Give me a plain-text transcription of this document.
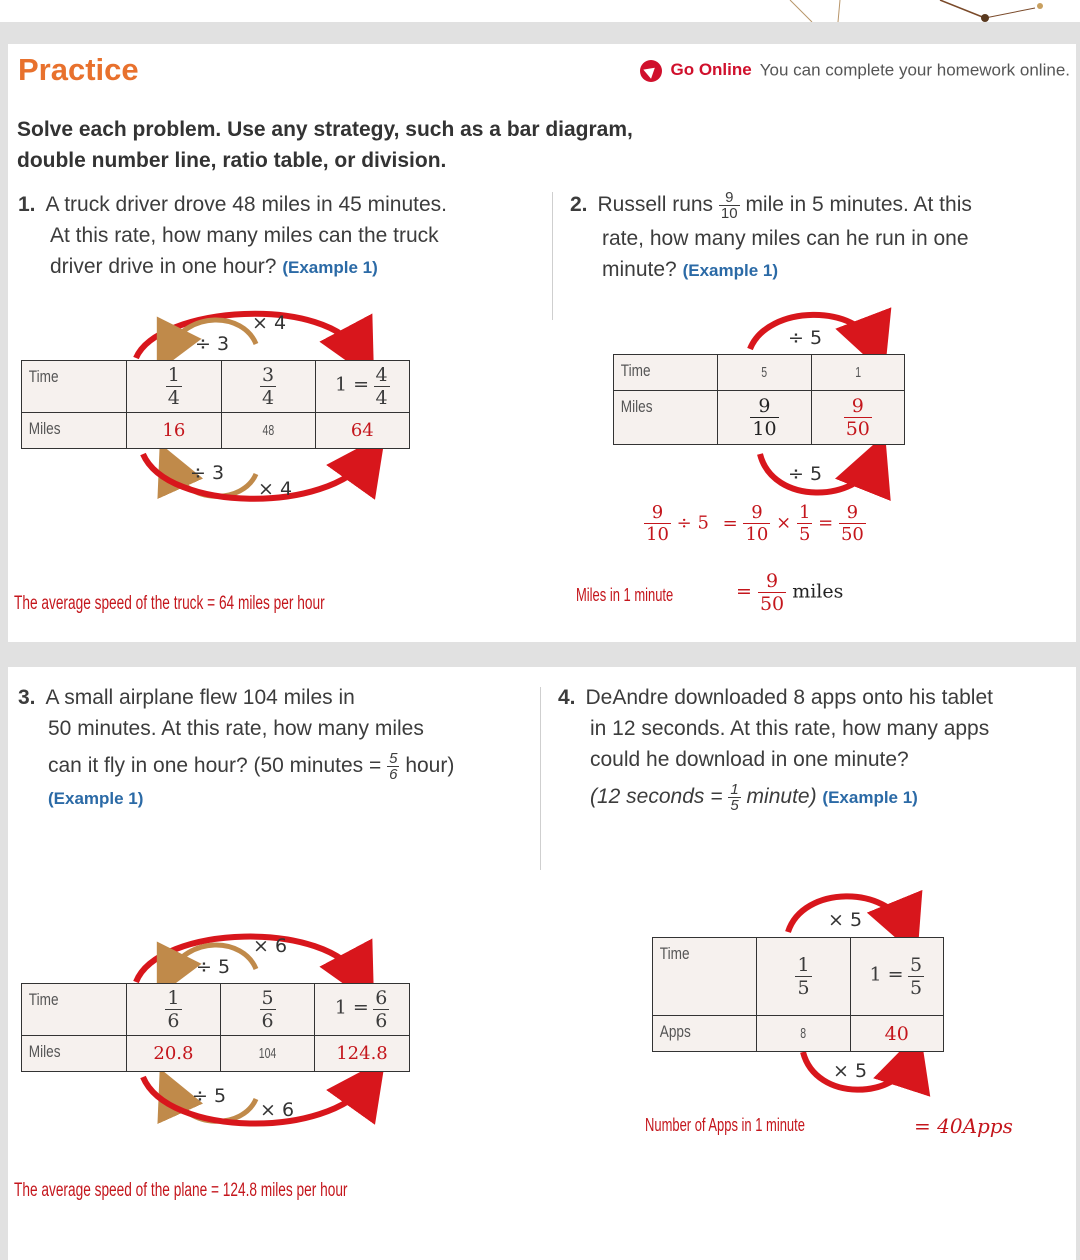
Practice	Go Online You can complete your homework online.
Solve each problem. Use any strategy, such as a bar diagram,
double number line, ratio table, or division.
1. A truck driver drove 48 miles in 45 minutes.
At this rate, how many miles can the truck
driver drive in one hour? (Example 1)
2. Russell runs $\frac{9}{10}$ mile in 5 minutes. At this
rate, how many miles can he run in one
minute? (Example 1)
× 4
÷ 3
÷ 3
× 4
÷ 5
÷ 5
Time	$\frac{1}{4}$	$\frac{3}{4}$	$1 = \frac{4}{4}$

Miles	16	48	64
Time	5	1
Miles	$\frac{9}{10}$	$\frac{9}{50}$
$\frac{9}{10} \div 5 = \frac{9}{10} \times \frac{1}{5} = \frac{9}{50}$
The average speed of the truck = 64 miles per hour	Miles in 1 minute	= $\frac{9}{50}$ miles
3. A small airplane flew 104 miles in
50 minutes. At this rate, how many miles
can it fly in one hour? (50 minutes = $\frac{5}{6}$ hour)
(Example 1)
4. DeAndre downloaded 8 apps onto his tablet
in 12 seconds. At this rate, how many apps
could he download in one minute?
(12 seconds = $\frac{1}{5}$ minute) (Example 1)
× 6
÷ 5
÷ 5
× 6
× 5
× 5
Time	$\frac{1}{6}$	$\frac{5}{6}$	$1 = \frac{6}{6}$

Miles	20.8	104	124.8
Time	$\frac{1}{5}$	$1 = \frac{5}{5}$

Apps	8	40
Number of Apps in 1 minute	= 40Apps
The average speed of the plane = 124.8 miles per hour
